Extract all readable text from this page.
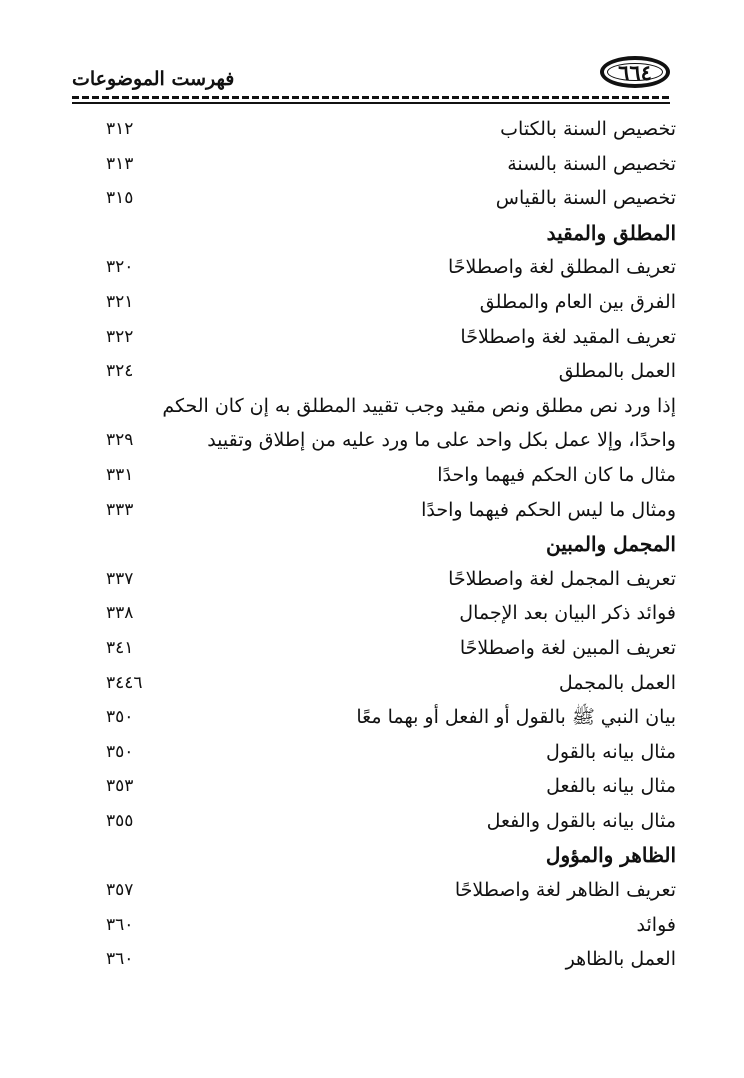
٦٦٤
فهرست الموضوعات
تخصيص السنة بالكتاب
٣١٢
تخصيص السنة بالسنة
٣١٣
تخصيص السنة بالقياس
٣١٥
المطلق والمقيد
تعريف المطلق لغة واصطلاحًا
٣٢٠
الفرق بين العام والمطلق
٣٢١
تعريف المقيد لغة واصطلاحًا
٣٢٢
العمل بالمطلق
٣٢٤
إذا ورد نص مطلق ونص مقيد وجب تقييد المطلق به إن كان الحكم
واحدًا، وإلا عمل بكل واحد على ما ورد عليه من إطلاق وتقييد
٣٢٩
مثال ما كان الحكم فيهما واحدًا
٣٣١
ومثال ما ليس الحكم فيهما واحدًا
٣٣٣
المجمل والمبين
تعريف المجمل لغة واصطلاحًا
٣٣٧
فوائد ذكر البيان بعد الإجمال
٣٣٨
تعريف المبين لغة واصطلاحًا
٣٤١
العمل بالمجمل
٣٤٤٦
بيان النبي ﷺ بالقول أو الفعل أو بهما معًا
٣٥٠
مثال بيانه بالقول
٣٥٠
مثال بيانه بالفعل
٣٥٣
مثال بيانه بالقول والفعل
٣٥٥
الظاهر والمؤول
تعريف الظاهر لغة واصطلاحًا
٣٥٧
فوائد
٣٦٠
العمل بالظاهر
٣٦٠
